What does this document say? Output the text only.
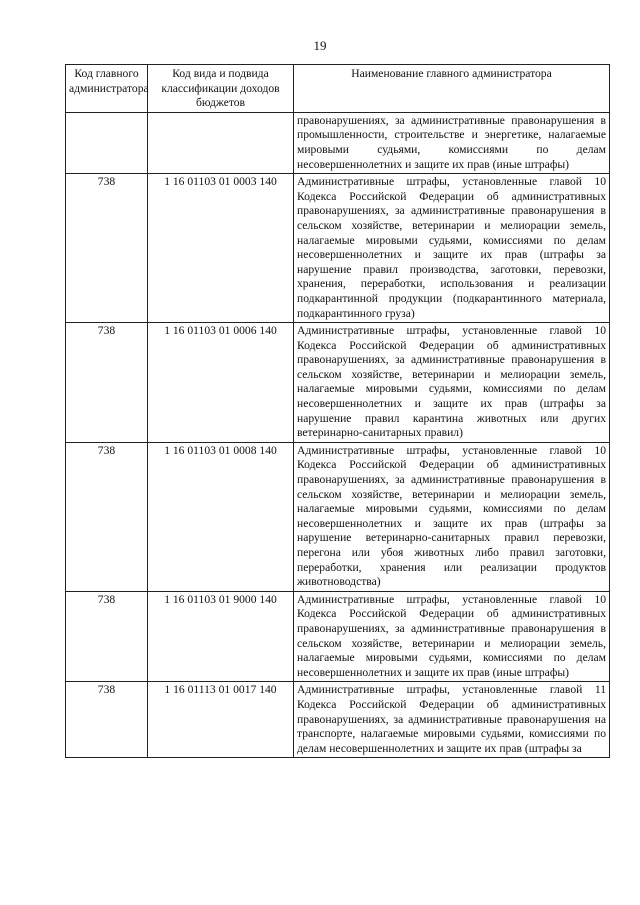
19
Код главного администратора	Код вида и подвида классификации доходов бюджетов	Наименование главного администратора
		правонарушениях, за административные правонарушения в промышленности, строительстве и энергетике, налагаемые мировыми судьями, комиссиями по делам несовершеннолетних и защите их прав (иные штрафы)
738	1 16 01103 01 0003 140	Административные штрафы, установленные главой 10 Кодекса Российской Федерации об административных правонарушениях, за административные правонарушения в сельском хозяйстве, ветеринарии и мелиорации земель, налагаемые мировыми судьями, комиссиями по делам несовершеннолетних и защите их прав (штрафы за нарушение правил производства, заготовки, перевозки, хранения, переработки, использования и реализации подкарантинной продукции (подкарантинного материала, подкарантинного груза)
738	1 16 01103 01 0006 140	Административные штрафы, установленные главой 10 Кодекса Российской Федерации об административных правонарушениях, за административные правонарушения в сельском хозяйстве, ветеринарии и мелиорации земель, налагаемые мировыми судьями, комиссиями по делам несовершеннолетних и защите их прав (штрафы за нарушение правил карантина животных или других ветеринарно-санитарных правил)
738	1 16 01103 01 0008 140	Административные штрафы, установленные главой 10 Кодекса Российской Федерации об административных правонарушениях, за административные правонарушения в сельском хозяйстве, ветеринарии и мелиорации земель, налагаемые мировыми судьями, комиссиями по делам несовершеннолетних и защите их прав (штрафы за нарушение ветеринарно-санитарных правил перевозки, перегона или убоя животных либо правил заготовки, переработки, хранения или реализации продуктов животноводства)
738	1 16 01103 01 9000 140	Административные штрафы, установленные главой 10 Кодекса Российской Федерации об административных правонарушениях, за административные правонарушения в сельском хозяйстве, ветеринарии и мелиорации земель, налагаемые мировыми судьями, комиссиями по делам несовершеннолетних и защите их прав (иные штрафы)
738	1 16 01113 01 0017 140	Административные штрафы, установленные главой 11 Кодекса Российской Федерации об административных правонарушениях, за административные правонарушения на транспорте, налагаемые мировыми судьями, комиссиями по делам несовершеннолетних и защите их прав (штрафы за
